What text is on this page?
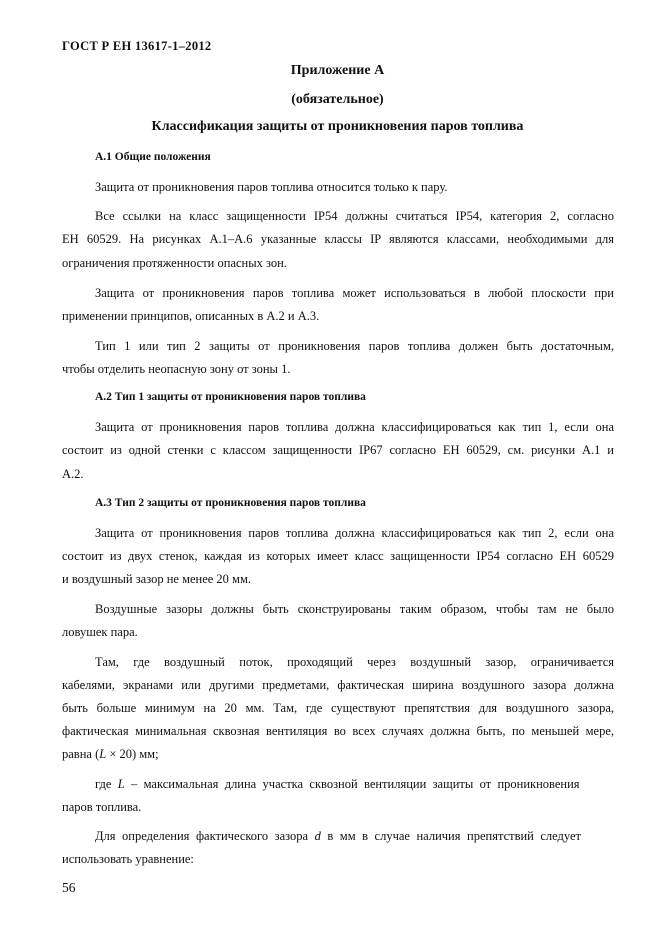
ГОСТ Р ЕН 13617-1–2012
Приложение А
(обязательное)
Классификация защиты от проникновения паров топлива
А.1 Общие положения
Защита от проникновения паров топлива относится только к пару.
Все ссылки на класс защищенности IP54 должны считаться IP54, категория 2, согласно
ЕН 60529. На рисунках А.1–А.6 указанные классы IP являются классами, необходимыми для
ограничения протяженности опасных зон.
Защита от проникновения паров топлива может использоваться в любой плоскости при
применении принципов, описанных в А.2 и А.3.
Тип 1 или тип 2 защиты от проникновения паров топлива должен быть достаточным,
чтобы отделить неопасную зону от зоны 1.
А.2 Тип 1 защиты от проникновения паров топлива
Защита от проникновения паров топлива должна классифицироваться как тип 1, если она
состоит из одной стенки с классом защищенности IP67 согласно ЕН 60529, см. рисунки А.1 и
А.2.
А.3 Тип 2 защиты от проникновения паров топлива
Защита от проникновения паров топлива должна классифицироваться как тип 2, если она
состоит из двух стенок, каждая из которых имеет класс защищенности IP54 согласно ЕН 60529
и воздушный зазор не менее 20 мм.
Воздушные зазоры должны быть сконструированы таким образом, чтобы там не было
ловушек пара.
Там, где воздушный поток, проходящий через воздушный зазор, ограничивается
кабелями, экранами или другими предметами, фактическая ширина воздушного зазора должна
быть больше минимум на 20 мм. Там, где существуют препятствия для воздушного зазора,
фактическая минимальная сквозная вентиляция во всех случаях должна быть, по меньшей мере,
равна (L × 20) мм;
где L – максимальная длина участка сквозной вентиляции защиты от проникновения
паров топлива.
Для определения фактического зазора d в мм в случае наличия препятствий следует
использовать уравнение:
56
